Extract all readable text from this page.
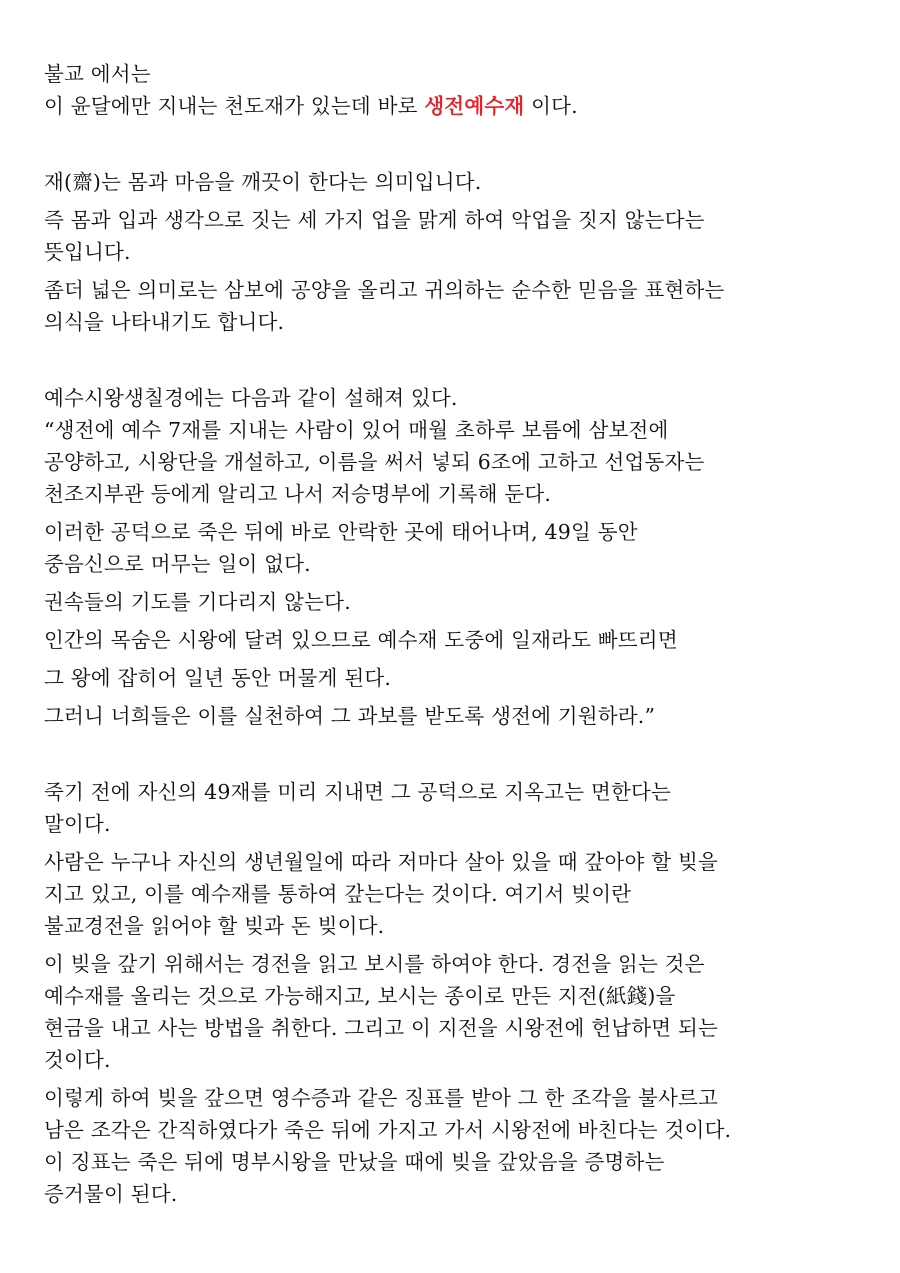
불교 에서는
이 윤달에만 지내는 천도재가 있는데 바로 생전예수재 이다.
재(齋)는 몸과 마음을 깨끗이 한다는 의미입니다.
즉 몸과 입과 생각으로 짓는 세 가지 업을 맑게 하여 악업을 짓지 않는다는
뜻입니다.
좀더 넓은 의미로는 삼보에 공양을 올리고 귀의하는 순수한 믿음을 표현하는
의식을 나타내기도 합니다.
예수시왕생칠경에는 다음과 같이 설해져 있다.
“생전에 예수 7재를 지내는 사람이 있어 매월 초하루 보름에 삼보전에
공양하고, 시왕단을 개설하고, 이름을 써서 넣되 6조에 고하고 선업동자는
천조지부관 등에게 알리고 나서 저승명부에 기록해 둔다.
이러한 공덕으로 죽은 뒤에 바로 안락한 곳에 태어나며, 49일 동안
중음신으로 머무는 일이 없다.
권속들의 기도를 기다리지 않는다.
인간의 목숨은 시왕에 달려 있으므로 예수재 도중에 일재라도 빠뜨리면
그 왕에 잡히어 일년 동안 머물게 된다.
그러니 너희들은 이를 실천하여 그 과보를 받도록 생전에 기원하라.”
죽기 전에 자신의 49재를 미리 지내면 그 공덕으로 지옥고는 면한다는
말이다.
사람은 누구나 자신의 생년월일에 따라 저마다 살아 있을 때 갚아야 할 빚을
지고 있고, 이를 예수재를 통하여 갚는다는 것이다. 여기서 빚이란
불교경전을 읽어야 할 빚과 돈 빚이다.
이 빚을 갚기 위해서는 경전을 읽고 보시를 하여야 한다. 경전을 읽는 것은
예수재를 올리는 것으로 가능해지고, 보시는 종이로 만든 지전(紙錢)을
현금을 내고 사는 방법을 취한다. 그리고 이 지전을 시왕전에 헌납하면 되는
것이다.
이렇게 하여 빚을 갚으면 영수증과 같은 징표를 받아 그 한 조각을 불사르고
남은 조각은 간직하였다가 죽은 뒤에 가지고 가서 시왕전에 바친다는 것이다.
이 징표는 죽은 뒤에 명부시왕을 만났을 때에 빚을 갚았음을 증명하는
증거물이 된다.
